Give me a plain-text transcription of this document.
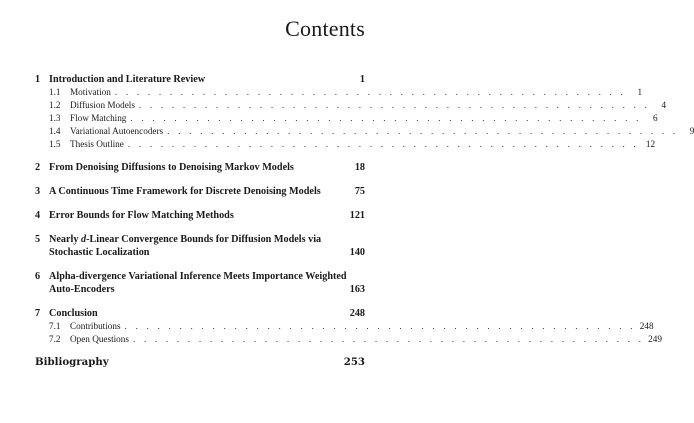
Contents
1 Introduction and Literature Review	1
1.1	Motivation . . . . . . . . . . . . . . . . . . . . . . . . . . . . . . . . . . . . . . . . . . . . . . .	1
1.2	Diffusion Models . . . . . . . . . . . . . . . . . . . . . . . . . . . . . . . . . . . . . . . . . . . . . . .	4
1.3	Flow Matching . . . . . . . . . . . . . . . . . . . . . . . . . . . . . . . . . . . . . . . . . . . . . . .	6
1.4	Variational Autoencoders . . . . . . . . . . . . . . . . . . . . . . . . . . . . . . . . . . . . . . . . . . . . . . .	9
1.5	Thesis Outline . . . . . . . . . . . . . . . . . . . . . . . . . . . . . . . . . . . . . . . . . . . . . . . 12
2 From Denoising Diffusions to Denoising Markov Models	18
3 A Continuous Time Framework for Discrete Denoising Models	75
4 Error Bounds for Flow Matching Methods	121
5 Nearly d-Linear Convergence Bounds for Diffusion Models via
Stochastic Localization	140
6 Alpha-divergence Variational Inference Meets Importance Weighted
Auto-Encoders	163
7 Conclusion	248
7.1	Contributions . . . . . . . . . . . . . . . . . . . . . . . . . . . . . . . . . . . . . . . . . . . . . . . 248
7.2	Open Questions . . . . . . . . . . . . . . . . . . . . . . . . . . . . . . . . . . . . . . . . . . . . . . . 249
Bibliography	253
